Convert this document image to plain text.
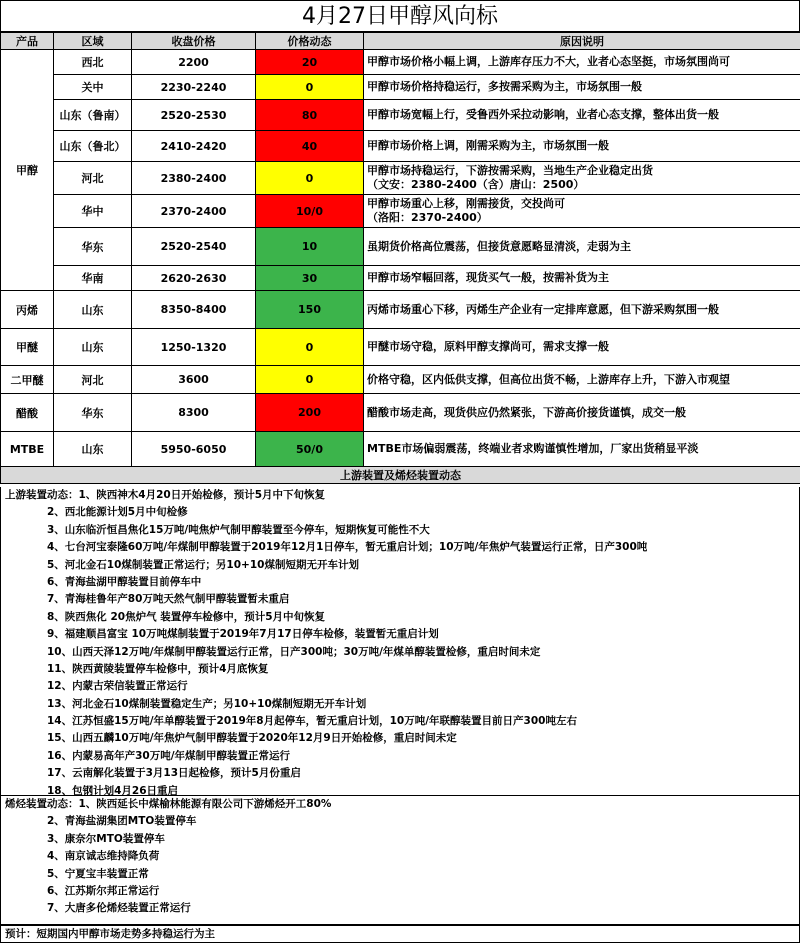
4月27日甲醇风向标
产品	区域	收盘价格	价格动态	原因说明
甲醇	西北	2200	20	甲醇市场价格小幅上调，上游库存压力不大，业者心态坚挺，市场氛围尚可

	关中	2230-2240	0	甲醇市场价格持稳运行，多按需采购为主，市场氛围一般

	山东（鲁南）	2520-2530	80	甲醇市场宽幅上行，受鲁西外采拉动影响，业者心态支撑，整体出货一般

	山东（鲁北）	2410-2420	40	甲醇市场价格上调，刚需采购为主，市场氛围一般

	河北	2380-2400	0	甲醇市场持稳运行，下游按需采购，当地生产企业稳定出货
（文安：2380-2400（含）唐山：2500）

	华中	2370-2400	10/0	甲醇市场重心上移，刚需接货，交投尚可
（洛阳：2370-2400）

	华东	2520-2540	10	虽期货价格高位震荡，但接货意愿略显清淡，走弱为主

	华南	2620-2630	30	甲醇市场窄幅回落，现货买气一般，按需补货为主

丙烯	山东	8350-8400	150	丙烯市场重心下移，丙烯生产企业有一定排库意愿，但下游采购氛围一般

甲醚	山东	1250-1320	0	甲醚市场守稳，原料甲醇支撑尚可，需求支撑一般

二甲醚	河北	3600	0	价格守稳，区内低供支撑，但高位出货不畅，上游库存上升，下游入市观望

醋酸	华东	8300	200	醋酸市场走高，现货供应仍然紧张，下游高价接货谨慎，成交一般

MTBE	山东	5950-6050	50/0	MTBE市场偏弱震荡，终端业者求购谨慎性增加，厂家出货稍显平淡

上游装置及烯烃装置动态				
上游装置动态：1、陕西神木4月20日开始检修，预计5月中下旬恢复
2、西北能源计划5月中旬检修
3、山东临沂恒昌焦化15万吨/吨焦炉气制甲醇装置至今停车，短期恢复可能性不大
4、七台河宝泰隆60万吨/年煤制甲醇装置于2019年12月1日停车，暂无重启计划；10万吨/年焦炉气装置运行正常，日产300吨
5、河北金石10煤制装置正常运行；另10+10煤制短期无开车计划
6、青海盐湖甲醇装置目前停车中
7、青海桂鲁年产80万吨天然气制甲醇装置暂未重启
8、陕西焦化 20焦炉气 装置停车检修中，预计5月中旬恢复
9、福建顺昌富宝 10万吨煤制装置于2019年7月17日停车检修，装置暂无重启计划
10、山西天泽12万吨/年煤制甲醇装置运行正常，日产300吨；30万吨/年煤单醇装置检修，重启时间未定
11、陕西黄陵装置停车检修中，预计4月底恢复
12、内蒙古荣信装置正常运行
13、河北金石10煤制装置稳定生产；另10+10煤制短期无开车计划
14、江苏恒盛15万吨/年单醇装置于2019年8月起停车，暂无重启计划，10万吨/年联醇装置目前日产300吨左右
15、山西五麟10万吨/年焦炉气制甲醇装置于2020年12月9日开始检修，重启时间未定
16、内蒙易高年产30万吨/年煤制甲醇装置正常运行
17、云南解化装置于3月13日起检修，预计5月份重启
18、包钢计划4月26日重启
烯烃装置动态：1、陕西延长中煤榆林能源有限公司下游烯烃开工80%
2、青海盐湖集团MTO装置停车
3、康奈尔MTO装置停车
4、南京诚志维持降负荷
5、宁夏宝丰装置正常
6、江苏斯尔邦正常运行
7、大唐多伦烯烃装置正常运行
预计：短期国内甲醇市场走势多持稳运行为主
